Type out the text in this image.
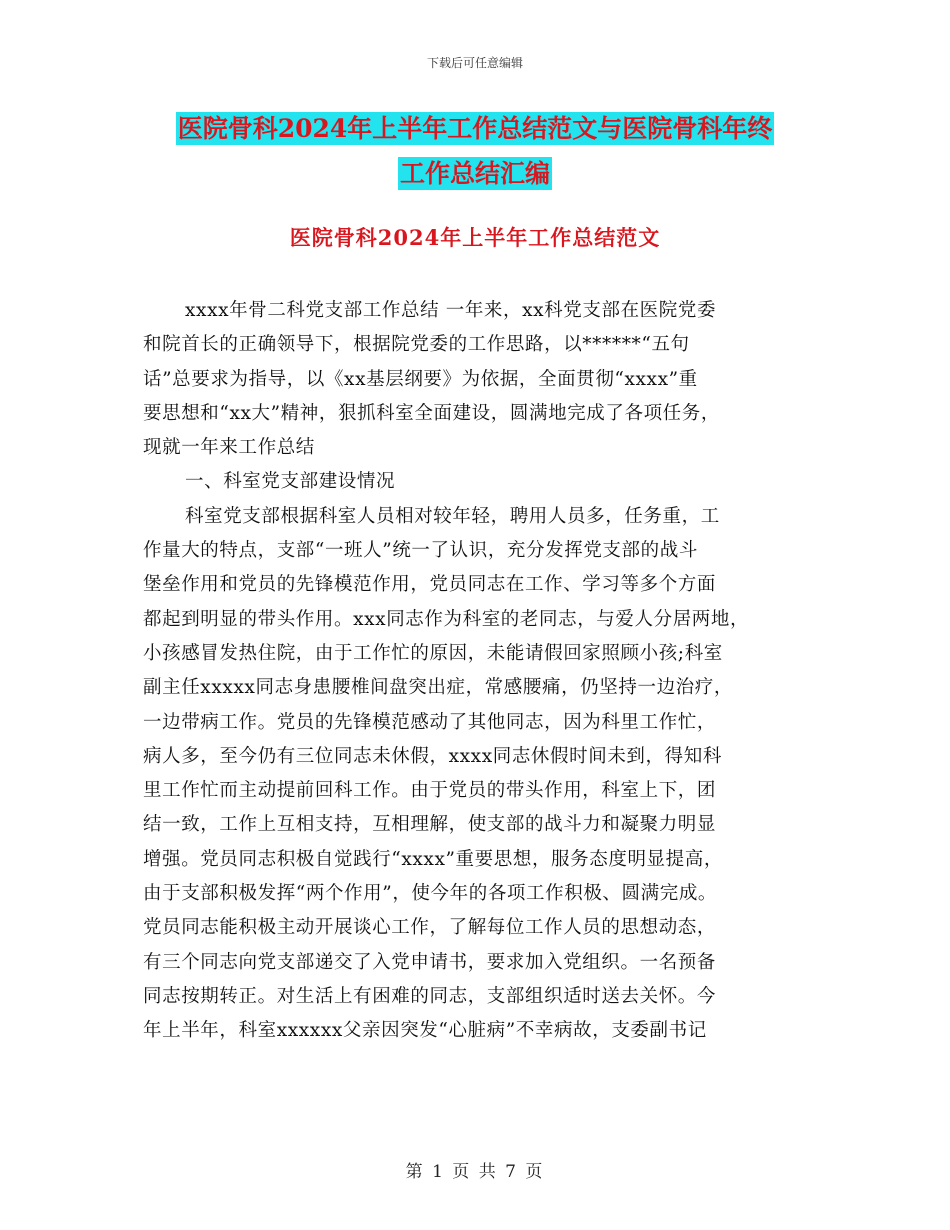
下载后可任意编辑
医院骨科2024年上半年工作总结范文与医院骨科年终
工作总结汇编
医院骨科2024年上半年工作总结范文
xxxx年骨二科党支部工作总结 一年来，xx科党支部在医院党委
和院首长的正确领导下，根据院党委的工作思路，以******“五句
话”总要求为指导，以《xx基层纲要》为依据，全面贯彻“xxxx”重
要思想和“xx大”精神，狠抓科室全面建设，圆满地完成了各项任务，
现就一年来工作总结
一、科室党支部建设情况
科室党支部根据科室人员相对较年轻，聘用人员多，任务重，工
作量大的特点，支部“一班人”统一了认识，充分发挥党支部的战斗
堡垒作用和党员的先锋模范作用，党员同志在工作、学习等多个方面
都起到明显的带头作用。xxx同志作为科室的老同志，与爱人分居两地，
小孩感冒发热住院，由于工作忙的原因，未能请假回家照顾小孩;科室
副主任xxxxx同志身患腰椎间盘突出症，常感腰痛，仍坚持一边治疗，
一边带病工作。党员的先锋模范感动了其他同志，因为科里工作忙，
病人多，至今仍有三位同志未休假，xxxx同志休假时间未到，得知科
里工作忙而主动提前回科工作。由于党员的带头作用，科室上下，团
结一致，工作上互相支持，互相理解，使支部的战斗力和凝聚力明显
增强。党员同志积极自觉践行“xxxx”重要思想，服务态度明显提高，
由于支部积极发挥“两个作用”，使今年的各项工作积极、圆满完成。
党员同志能积极主动开展谈心工作，了解每位工作人员的思想动态，
有三个同志向党支部递交了入党申请书，要求加入党组织。一名预备
同志按期转正。对生活上有困难的同志，支部组织适时送去关怀。今
年上半年，科室xxxxxx父亲因突发“心脏病”不幸病故，支委副书记
第 1 页 共 7 页
